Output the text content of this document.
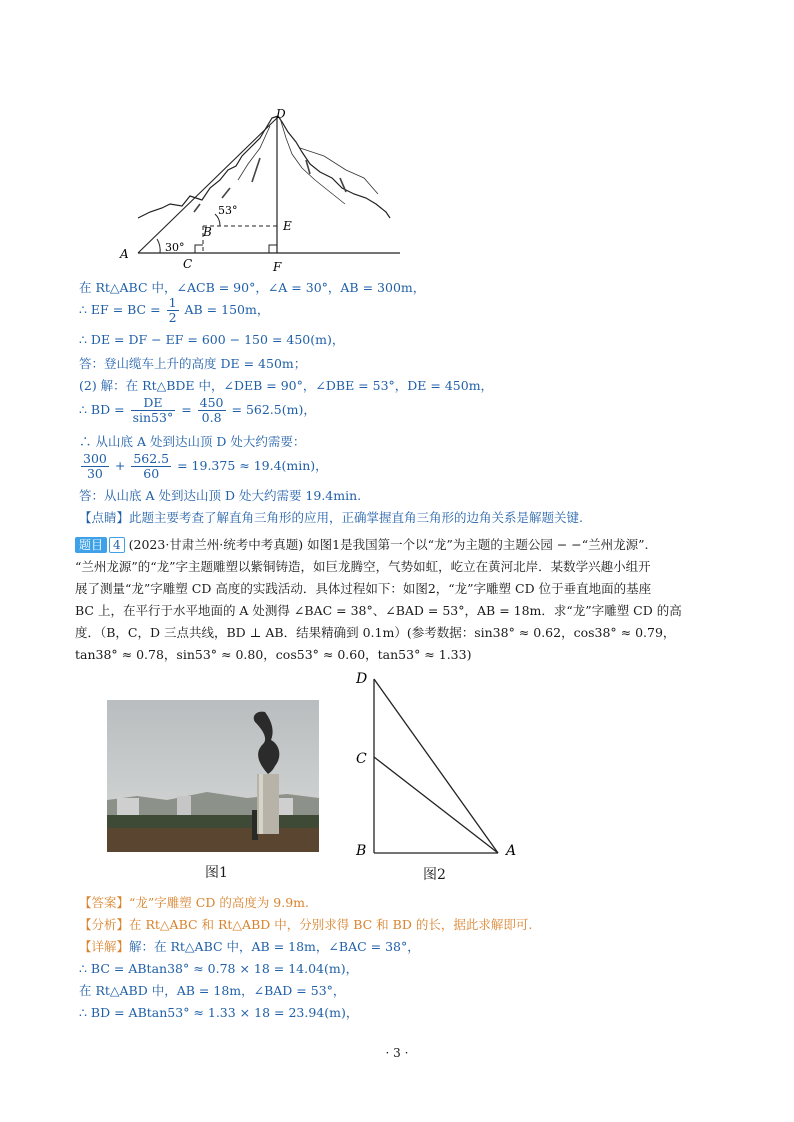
D
E
B
A
C	F
53°
30°
在 Rt△ABC 中，∠ACB = 90°，∠A = 30°，AB = 300m，
∴ EF = BC = $\frac{1}{2}$ AB = 150m，
∴ DE = DF − EF = 600 − 150 = 450(m)，
答：登山缆车上升的高度 DE = 450m；
(2) 解：在 Rt△BDE 中，∠DEB = 90°，∠DBE = 53°，DE = 450m，
∴ BD = $\frac{DE}{\sin 53^\circ} = \frac{450}{0.8} = 562.5(m)$，
∴ 从山底 A 处到达山顶 D 处大约需要：
$\frac{300}{30} + \frac{562.5}{60} = 19.375 \approx 19.4(\min)$，
答：从山底 A 处到达山顶 D 处大约需要 19.4min.
【点睛】此题主要考查了解直角三角形的应用，正确掌握直角三角形的边角关系是解题关键.
题目 4 (2023·甘肃兰州·统考中考真题) 如图1是我国第一个以“龙”为主题的主题公园 − −“兰州龙源”.
“兰州龙源”的“龙”字主题雕塑以紫铜铸造，如巨龙腾空，气势如虹，屹立在黄河北岸．某数学兴趣小组开
展了测量“龙”字雕塑 CD 高度的实践活动．具体过程如下：如图2，“龙”字雕塑 CD 位于垂直地面的基座
BC 上，在平行于水平地面的 A 处测得 ∠BAC = 38°、∠BAD = 53°，AB = 18m．求“龙”字雕塑 CD 的高
度．（B，C，D 三点共线，BD ⊥ AB．结果精确到 0.1m）(参考数据：sin38° ≈ 0.62，cos38° ≈ 0.79，
tan38° ≈ 0.78，sin53° ≈ 0.80，cos53° ≈ 0.60，tan53° ≈ 1.33)
图1
D
C
B	A
图2
【答案】“龙”字雕塑 CD 的高度为 9.9m.
【分析】在 Rt△ABC 和 Rt△ABD 中，分别求得 BC 和 BD 的长，据此求解即可.
【详解】解：在 Rt△ABC 中，AB = 18m，∠BAC = 38°，
∴ BC = ABtan38° ≈ 0.78 × 18 = 14.04(m)，
在 Rt△ABD 中，AB = 18m，∠BAD = 53°，
∴ BD = ABtan53° ≈ 1.33 × 18 = 23.94(m)，
· 3 ·
